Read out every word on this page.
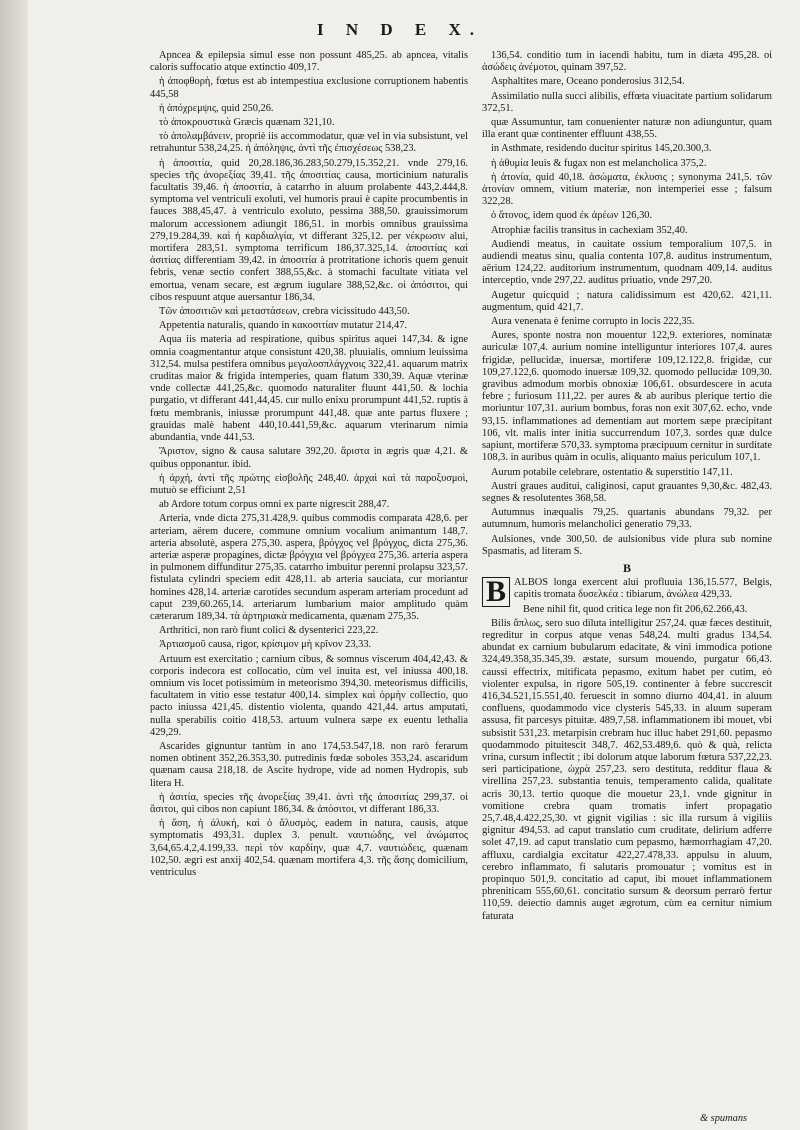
I N D E X.

Apncea & epilepsia simul esse non possunt 485,25. ab apncea, vitalis caloris suffocatio atque extinctio 409,17.

ἡ ἀποφθορὴ, fœtus est ab intempestiua exclusione corruptionem habentis 445,58

ἡ ἀπόχρεμψις, quid 250,26.

τὸ ἀποκρουστικὰ Græcis quænam 321,10.

τὸ ἀπολαμβάνειν, propriè iis accommodatur, quæ vel in via subsistunt, vel retrahuntur 538,24,25. ἡ ἀπόληψις, ἀντὶ τῆς ἐπισχέσεως 538,23.

ἡ ἀποσιτία, quid 20,28.186,36.283,50.279,15.352,21. vnde 279,16. species τῆς ἀνορεξίας 39,41. τῆς ἀποσιτίας causa, morticinium naturalis facultatis 39,46. ἡ ἀποσιτία, à catarrho in aluum prolabente 443,2.444,8. symptoma vel ventriculi exoluti, vel humoris praui è capite procumbentis in fauces 388,45,47. à ventriculo exoluto, pessima 388,50. grauissimorum malorum accessionem adiungit 186,51. in morbis omnibus grauissima 279,19.284,39. καὶ ἡ καρδιαλγία, vt differant 325,12. per νέκρωσιν alui, mortifera 283,51. symptoma terrificum 186,37.325,14. ἀποσιτίας καὶ ἀσιτίας differentiam 39,42. in ἀποσιτία à protritatione ichoris quem genuit febris, venæ sectio confert 388,55,&c. à stomachi facultate vitiata vel emortua, venam secare, est ægrum iugulare 388,52,&c. οἱ ἀπόσιτοι, qui cibos respuunt atque auersantur 186,34.

Τῶν ἀποσιτιῶν καὶ μεταστάσεων, crebra vicissitudo 443,50.

Appetentia naturalis, quando in κακοσιτίαν mutatur 214,47.

Aqua iis materia ad respiratione, quibus spiritus aquei 147,34. & igne omnia coagmentantur atque consistunt 420,38. pluuialis, omnium leuissima 312,54. mulsa pestifera omnibus μεγαλοσπλάγχνοις 322,41. aquarum matrix cruditas maior & frigida intemperies, quam flatum 330,39. Aquæ vterinæ vnde collectæ 441,25,&c. quomodo naturaliter fluunt 441,50. & lochia purgatio, vt differant 441,44,45. cur nullo enixu prorumpunt 441,52. ruptis à fœtu membranis, iniussæ prorumpunt 441,48. quæ ante partus fluxere ; grauidas malè habent 440,10.441,59,&c. aquarum vterinarum nimia abundantia, vnde 441,53.

Ἄριστον, signo & causa salutare 392,20. ἄριστα in ægris quæ 4,21. & quibus opponantur. ibid.

ἡ ἀρχὴ, ἀντὶ τῆς πρώτης εἰσβολῆς 248,40. ἀρχαὶ καὶ τὰ παροξυσμοὶ, mutuò se efficiunt 2,51

ab Ardore totum corpus omni ex parte nigrescit 288,47.

Arteria, vnde dicta 275,31.428,9. quibus commodis comparata 428,6. per arteriam, aërem ducere, commune omnium vocalium animantum 148,7. arteria absolutè, aspera 275,30. aspera, βρόγχος vel βρόγχος, dicta 275,36. arteriæ asperæ propagines, dictæ βρόγχια vel βρόγχεα 275,36. arteria aspera in pulmonem diffunditur 275,35. catarrho imbuitur perenni prolapsu 323,57. fistulata cylindri speciem edit 428,11. ab arteria sauciata, cur moriantur homines 428,14. arteriæ carotides secundum asperam arteriam procedunt ad caput 239,60.265,14. arteriarum lumbarium maior amplitudo quàm cæterarum 189,34. τὰ ἀρτηριακὰ medicamenta, quænam 275,35.

Arthritici, non rarò fiunt colici & dysenterici 223,22.

Ἀρτιασμοῦ causa, rigor, κρίσιμον μὴ κρῖνον 23,33.

Artuum est exercitatio ; carnium cibus, & somnus viscerum 404,42,43. & corporis indecora est collocatio, cùm vel inuita est, vel iniussa 400,18. omnium vis locet potissimùm in meteorismo 394,30. meteorismus difficilis, facultatem in vitio esse testatur 400,14. simplex καὶ ὁρμὴν collectio, quo pacto iniussa 421,45. distentio violenta, quando 421,44. artus amputati, nulla sperabilis coitio 418,53. artuum vulnera sæpe ex euentu lethalia 429,29.

Ascarides gignuntur tantùm in ano 174,53.547,18. non rarò ferarum nomen obtinent 352,26.353,30. putredinis fœdæ soboles 353,24. ascaridum quænam causa 218,18. de Ascite hydrope, vide ad nomen Hydropis, sub litera H.

ἡ ἀσιτία, species τῆς ἀνορεξίας 39,41. ἀντὶ τῆς ἀποσιτίας 299,37. οἱ ἄσιτοι, qui cibos non capiunt 186,34. & ἀπόσιτοι, vt differant 186,33.

ἡ ἄση, ἡ ἀλυκή, καὶ ὁ ἄλυσμὸς, eadem in natura, causis, atque symptomatis 493,31. duplex 3. penult. ναυτιώδης, vel ἀνώματος 3,64,65.4,2,4.199,33. περὶ τὸν καρδίην, quæ 4,7. ναυτιώδεις, quænam 102,50. ægri est anxij 402,54. quænam mortifera 4,3. τῆς ἄσης domicilium, ventriculus

136,54. conditio tum in iacendi habitu, tum in diæta 495,28. οἱ ἀσώδεις ἀνέμοτοι, quinam 397,52.

Asphaltites mare, Oceano ponderosius 312,54.

Assimilatio nulla succi alibilis, effœta viuacitate partium solidarum 372,51.

quæ Assumuntur, tam conuenienter naturæ non adiunguntur, quam illa erant quæ continenter effluunt 438,55.

in Asthmate, residendo ducitur spiritus 145,20.300,3.

ἡ ἀθυμία leuis & fugax non est melancholica 375,2.

ἡ ἀτονία, quid 40,18. ἀσώματα, ἐκλυσις ; synonyma 241,5. τῶν ἀτονίαν omnem, vitium materiæ, non intemperiei esse ; falsum 322,28.

ὁ ἄτονος, idem quod ἐκ ἀρέων 126,30.

Atrophiæ facilis transitus in cachexiam 352,40.

Audiendi meatus, in cauitate ossium temporalium 107,5. in audiendi meatus sinu, qualia contenta 107,8. auditus instrumentum, aërium 124,22. auditorium instrumentum, quodnam 409,14. auditus interceptio, vnde 297,22. auditus priuatio, vnde 297,20.

Augetur quicquid ; natura calidissimum est 420,62. 421,11. augmentum, quid 421,7.

Aura venenata è fenime corrupto in locis 222,35.

Aures, sponte nostra non mouentur 122,9. exteriores, nominatæ auriculæ 107,4. aurium nomine intelliguntur interiores 107,4. aures frigidæ, pellucidæ, inuersæ, mortiferæ 109,12.122,8. frigidæ, cur 109,27.122,6. quomodo inuersæ 109,32. quomodo pellucidæ 109,30. gravibus admodum morbis obnoxiæ 106,61. obsurdescere in acuta febre ; furiosum 111,22. per aures & ab auribus plerique tertio die moriuntur 107,31. aurium bombus, foras non exit 307,62. echo, vnde 93,15. inflammationes ad dementiam aut mortem sæpe præcipitant 106, vlt. malis inter initia succurrendum 107,3. sordes quæ dulce sapiunt, mortiferæ 570,33. symptoma præcipuum cernitur in surditate 108,3. in auribus quàm in oculis, aliquanto maius periculum 107,1.

Aurum potabile celebrare, ostentatio & superstitio 147,11.

Austri graues auditui, caliginosi, caput grauantes 9,30,&c. 482,43. segnes & resolutentes 368,58.

Autumnus inæqualis 79,25. quartanis abundans 79,32. per autumnum, humoris melancholici generatio 79,33.

Aulsiones, vnde 300,50. de aulsionibus vide plura sub nomine Spasmatis, ad literam S.

B

B ALBOS longa exercent alui profluuia 136,15.577, Belgis, capitis tromata δυσελκέα : tibiarum, ἀνώλεα 429,33.

Bene nihil fit, quod critica lege non fit 206,62.266,43.

Bilis ἄπλως, sero suo diluta intelligitur 257,24. quæ fæces destituit, regreditur in corpus atque venas 548,24. multi gradus 134,54. abundat ex carnium bubularum edacitate, & vini immodica potione 324,49.358,35.345,39. æstate, sursum mouendo, purgatur 66,43. caussi effectrix, mitificata pepasmo, exitum habet per cutim, eò violenter expulsa, in rigore 505,19. continenter à febre succrescit 416,34.521,15.551,40. feruescit in somno diurno 404,41. in aluum confluens, quodammodo vice clysteris 545,33. in aluum superam assusa, fit parcesys pituitæ. 489,7,58. inflammationem ibi mouet, vbi subsistit 531,23. metarpisin crebram huc illuc habet 291,60. pepasmo quodammodo pituitescit 348,7. 462,53.489,6. quò & quà, relicta vrina, cursum inflectit ; ibi dolorum atque laborum fœtura 537,22,23. seri participatione, ὠχρὰ 257,23. sero destituta, redditur flaua & virellina 257,23. substantia tenuis, temperamento calida, qualitate acris 30,13. tertio quoque die mouetur 23,1. vnde gignitur in vomitione crebra quam tromatis infert propagatio 25,7.48,4.422,25,30. vt gignit vigilias : sic illa rursum à vigiliis gignitur 494,53. ad caput translatio cum cruditate, delirium adferre solet 47,19. ad caput translatio cum pepasmo, hæmorrhagiam 47,20. affluxu, cardialgia excitatur 422,27.478,33. appulsu in aluum, cerebro inflammato, fi salutaris promouatur ; vomitus est in propinquo 501,9. concitatio ad caput, ibi mouet inflammationem phreniticam 555,60,61. concitatio sursum & deorsum perrarò fertur 110,59. deiectio damnis auget ægrotum, cùm ea cernitur nimium faturata

& spumans
